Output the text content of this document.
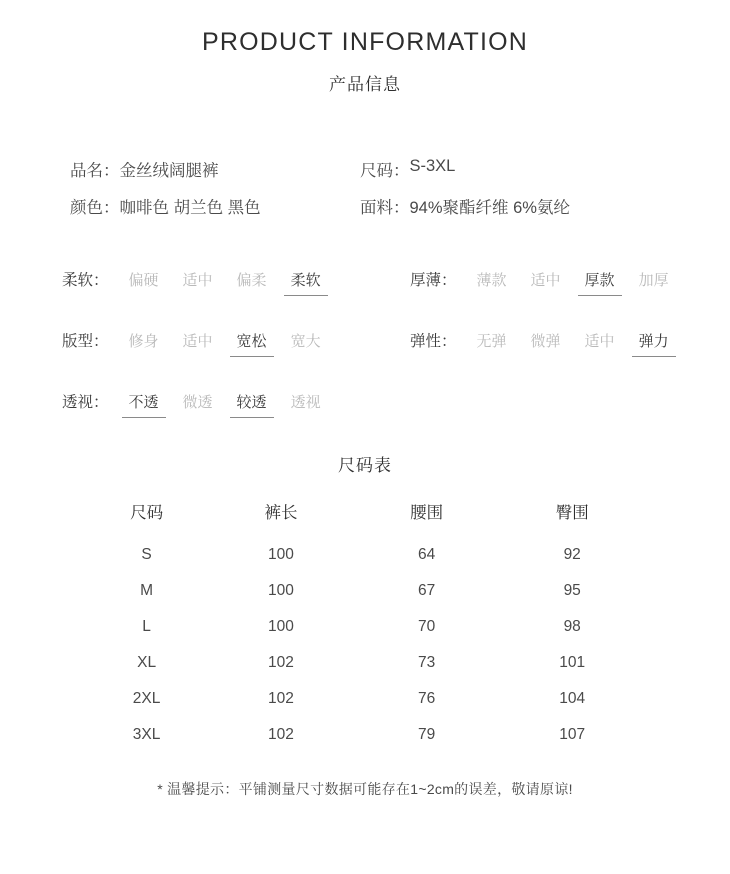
PRODUCT INFORMATION
产品信息
品名： 金丝绒阔腿裤	尺码： S-3XL
颜色： 咖啡色 胡兰色 黑色	面料： 94%聚酯纤维 6%氨纶
柔软：	偏硬	适中	偏柔	柔软	厚薄：	薄款	适中	厚款	加厚
版型：	修身	适中	宽松	宽大	弹性：	无弹	微弹	适中	弹力
透视：	不透	微透	较透	透视
尺码表
尺码	裤长	腰围	臀围
S	100	64	92
M	100	67	95
L	100	70	98
XL	102	73	101
2XL	102	76	104
3XL	102	79	107
* 温馨提示：平铺测量尺寸数据可能存在1~2cm的误差，敬请原谅!
